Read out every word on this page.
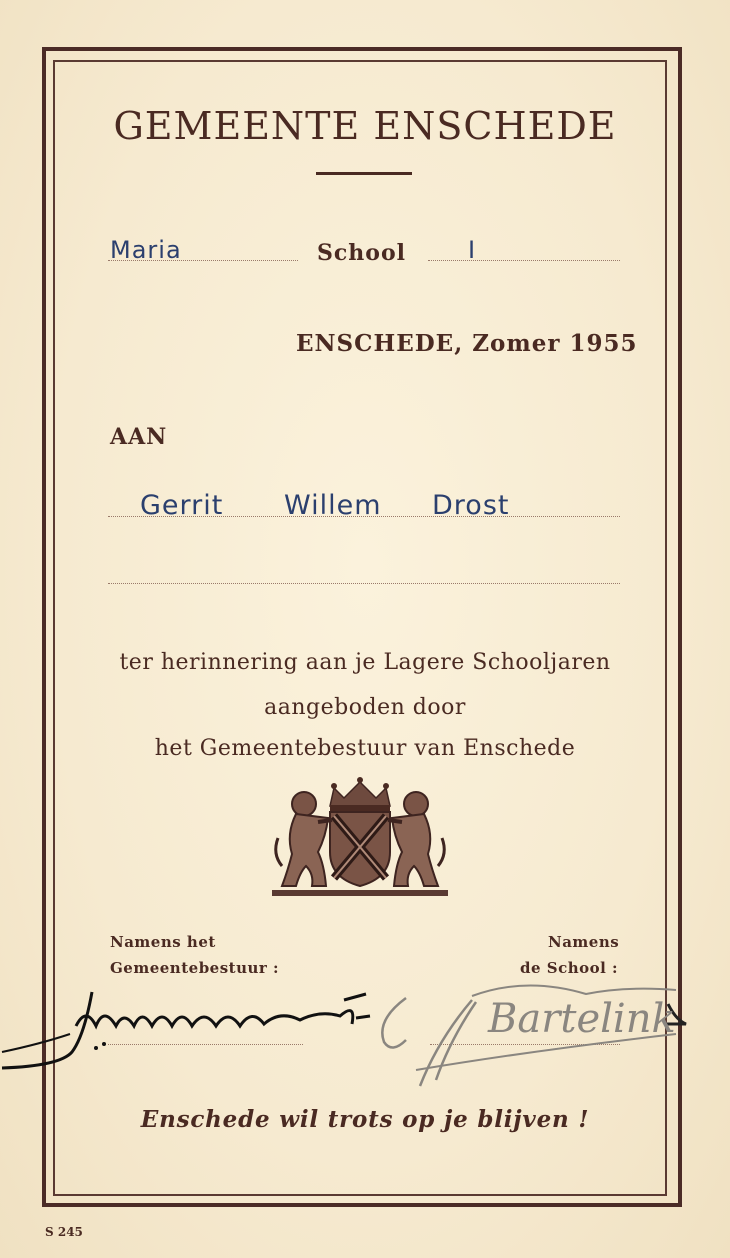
GEMEENTE ENSCHEDE
Maria	School	I
ENSCHEDE, Zomer 1955
AAN
Gerrit Willem Drost
ter herinnering aan je Lagere Schooljaren
aangeboden door
het Gemeentebestuur van Enschede
Namens het
Gemeentebestuur :
Namens
de School :
Bartelink
Enschede wil trots op je blijven !
S 245
